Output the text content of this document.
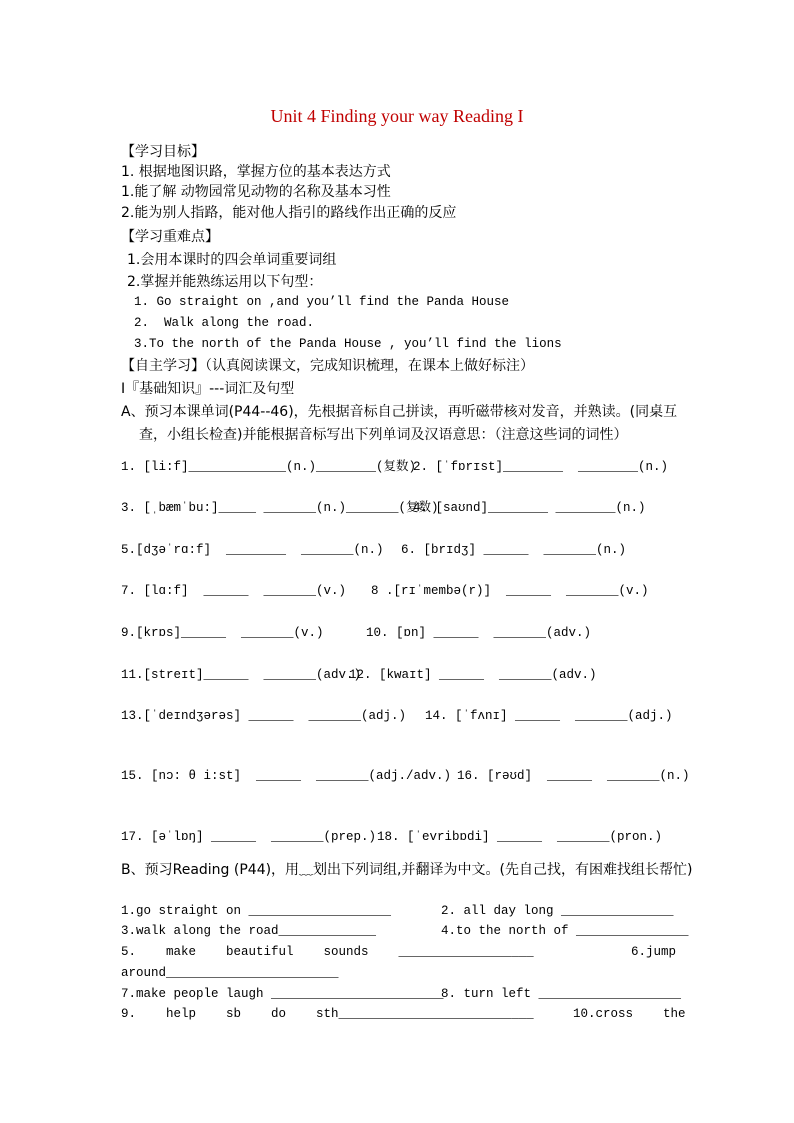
Unit 4 Finding your way Reading I
【学习目标】
1. 根据地图识路，掌握方位的基本表达方式
1.能了解 动物园常见动物的名称及基本习性
2.能为别人指路，能对他人指引的路线作出正确的反应
【学习重难点】
1.会用本课时的四会单词重要词组
2.掌握并能熟练运用以下句型：
1. Go straight on ,and you’ll find the Panda House
2.  Walk along the road.
3.To the north of the Panda House , you’ll find the lions
【自主学习】（认真阅读课文，完成知识梳理，在课本上做好标注）
Ⅰ『基础知识』---词汇及句型
A、预习本课单词(P44--46)，先根据音标自己拼读，再听磁带核对发音，并熟读。(同桌互
查，小组长检查)并能根据音标写出下列单词及汉语意思：（注意这些词的词性）
1. [li:f]_____________(n.)________(复数)
2. [ˈfɒrɪst]________  ________(n.)
3. [ˌbæmˈbu:]_____ _______(n.)_______(复数)
4. [saʊnd]________ ________(n.)
5.[dʒəˈrɑ:f]  ________  _______(n.) 6. [brɪdʒ] ______  _______(n.)
7. [lɑ:f]  ______  _______(v.) 8 .[rɪˈmembə(r)]  ______  _______(v.)
9.[krɒs]______  _______(v.)	10. [ɒn] ______  _______(adv.)
11.[streɪt]______  _______(adv.)
12. [kwaɪt] ______  _______(adv.)
13.[ˈdeɪndʒərəs] ______  _______(adj.) 14. [ˈfʌnɪ] ______  _______(adj.)
15. [nɔ: θ i:st]  ______  _______(adj./adv.) 16. [rəʊd]  ______  _______(n.)
17. [əˈlɒŋ] ______  _______(prep.) 18. [ˈevribɒdi] ______  _______(pron.)
B、预习Reading (P44)，用﹏划出下列词组,并翻译为中文。(先自己找，有困难找组长帮忙)
1.go straight on ___________________	2. all day long _______________
3.walk along the road_____________	4.to the north of _______________
5.    make    beautiful    sounds    __________________	6.jump
around_______________________
7.make people laugh _______________________
8. turn left ___________________
9.    help    sb    do    sth__________________________	10.cross    the
